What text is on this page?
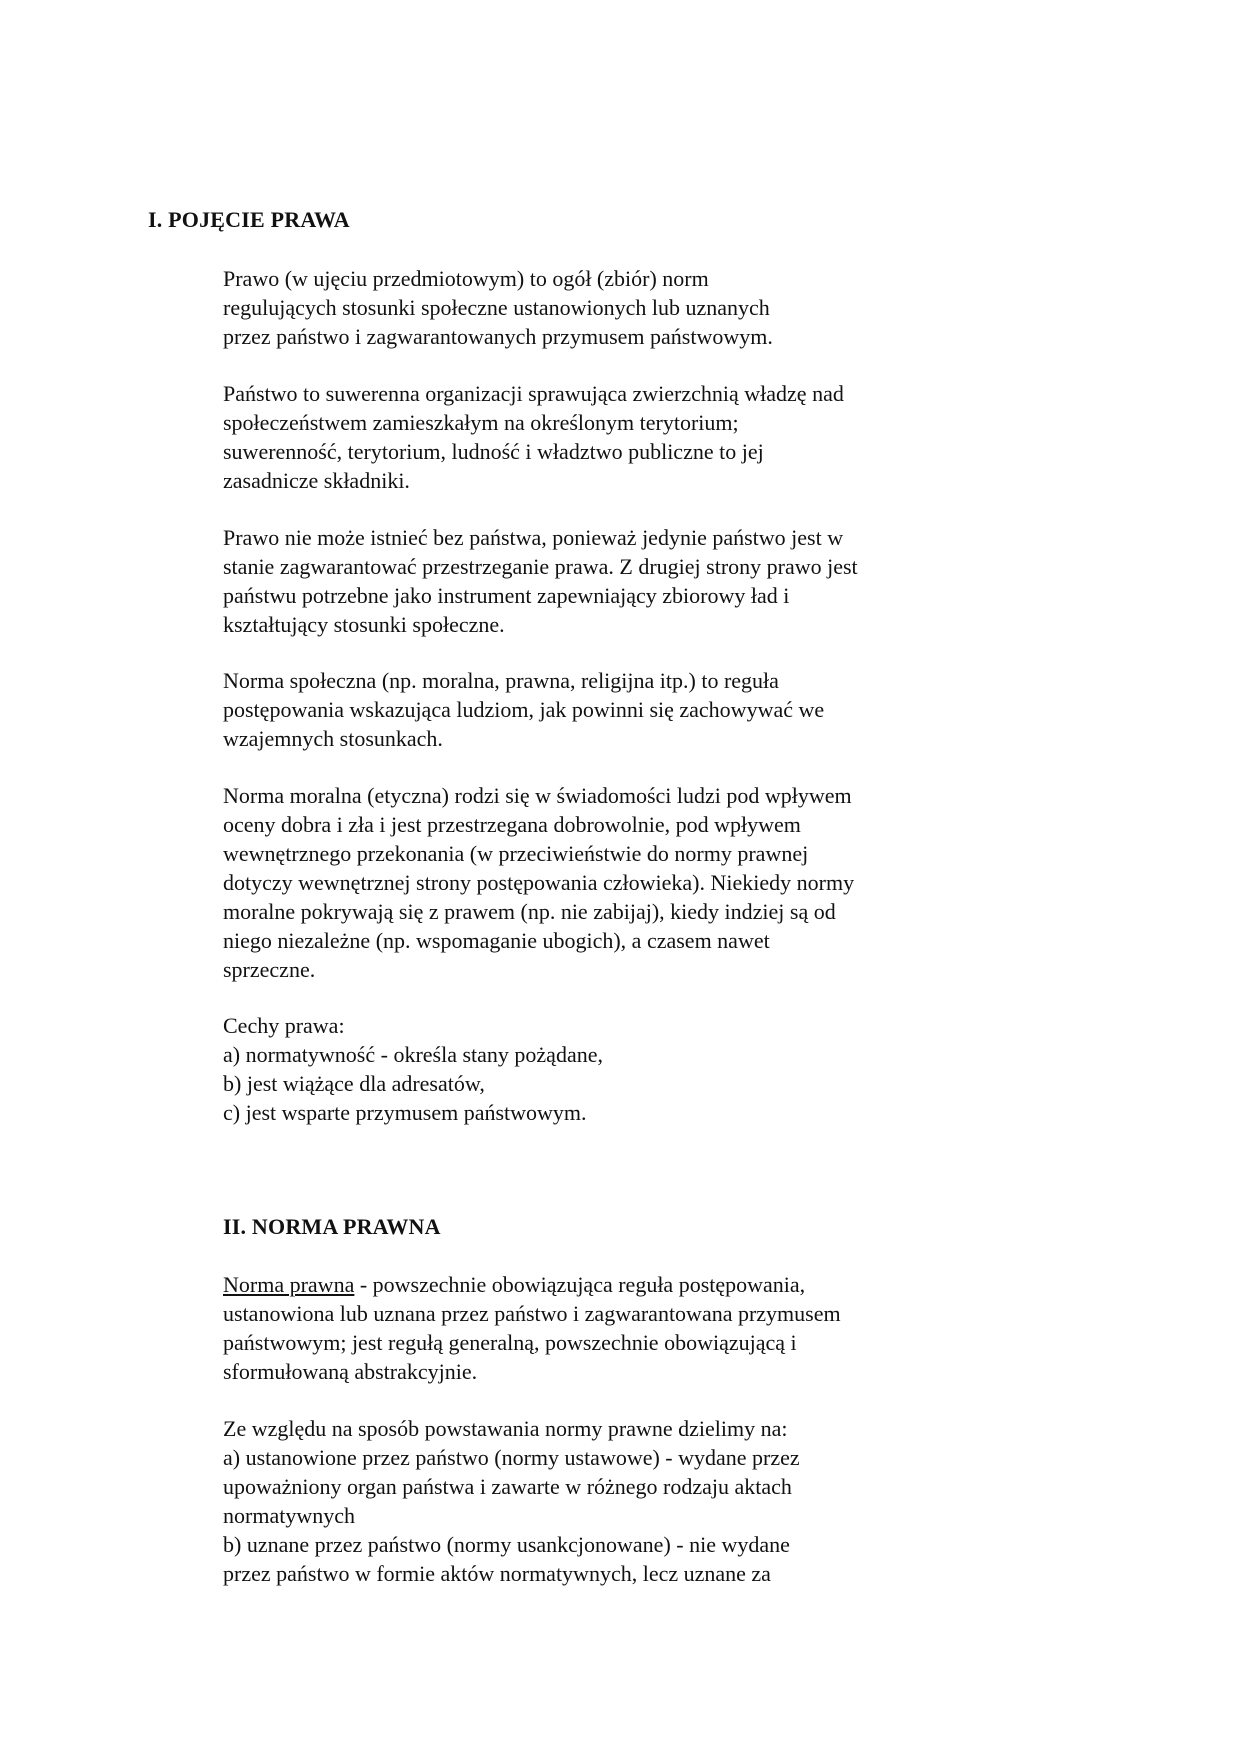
I. POJĘCIE PRAWA
Prawo (w ujęciu przedmiotowym) to ogół (zbiór) norm
regulujących stosunki społeczne ustanowionych lub uznanych
przez państwo i zagwarantowanych przymusem państwowym.
Państwo to suwerenna organizacji sprawująca zwierzchnią władzę nad
społeczeństwem zamieszkałym na określonym terytorium;
suwerenność, terytorium, ludność i władztwo publiczne to jej
zasadnicze składniki.
Prawo nie może istnieć bez państwa, ponieważ jedynie państwo jest w
stanie zagwarantować przestrzeganie prawa. Z drugiej strony prawo jest
państwu potrzebne jako instrument zapewniający zbiorowy ład i
kształtujący stosunki społeczne.
Norma społeczna (np. moralna, prawna, religijna itp.) to reguła
postępowania wskazująca ludziom, jak powinni się zachowywać we
wzajemnych stosunkach.
Norma moralna (etyczna) rodzi się w świadomości ludzi pod wpływem
oceny dobra i zła i jest przestrzegana dobrowolnie, pod wpływem
wewnętrznego przekonania (w przeciwieństwie do normy prawnej
dotyczy wewnętrznej strony postępowania człowieka). Niekiedy normy
moralne pokrywają się z prawem (np. nie zabijaj), kiedy indziej są od
niego niezależne (np. wspomaganie ubogich), a czasem nawet
sprzeczne.
Cechy prawa:
a) normatywność - określa stany pożądane,
b) jest wiążące dla adresatów,
c) jest wsparte przymusem państwowym.
II. NORMA PRAWNA
Norma prawna - powszechnie obowiązująca reguła postępowania,
ustanowiona lub uznana przez państwo i zagwarantowana przymusem
państwowym; jest regułą generalną, powszechnie obowiązującą i
sformułowaną abstrakcyjnie.
Ze względu na sposób powstawania normy prawne dzielimy na:
a) ustanowione przez państwo (normy ustawowe) - wydane przez
upoważniony organ państwa i zawarte w różnego rodzaju aktach
normatywnych
b) uznane przez państwo (normy usankcjonowane) - nie wydane
przez państwo w formie aktów normatywnych, lecz uznane za
